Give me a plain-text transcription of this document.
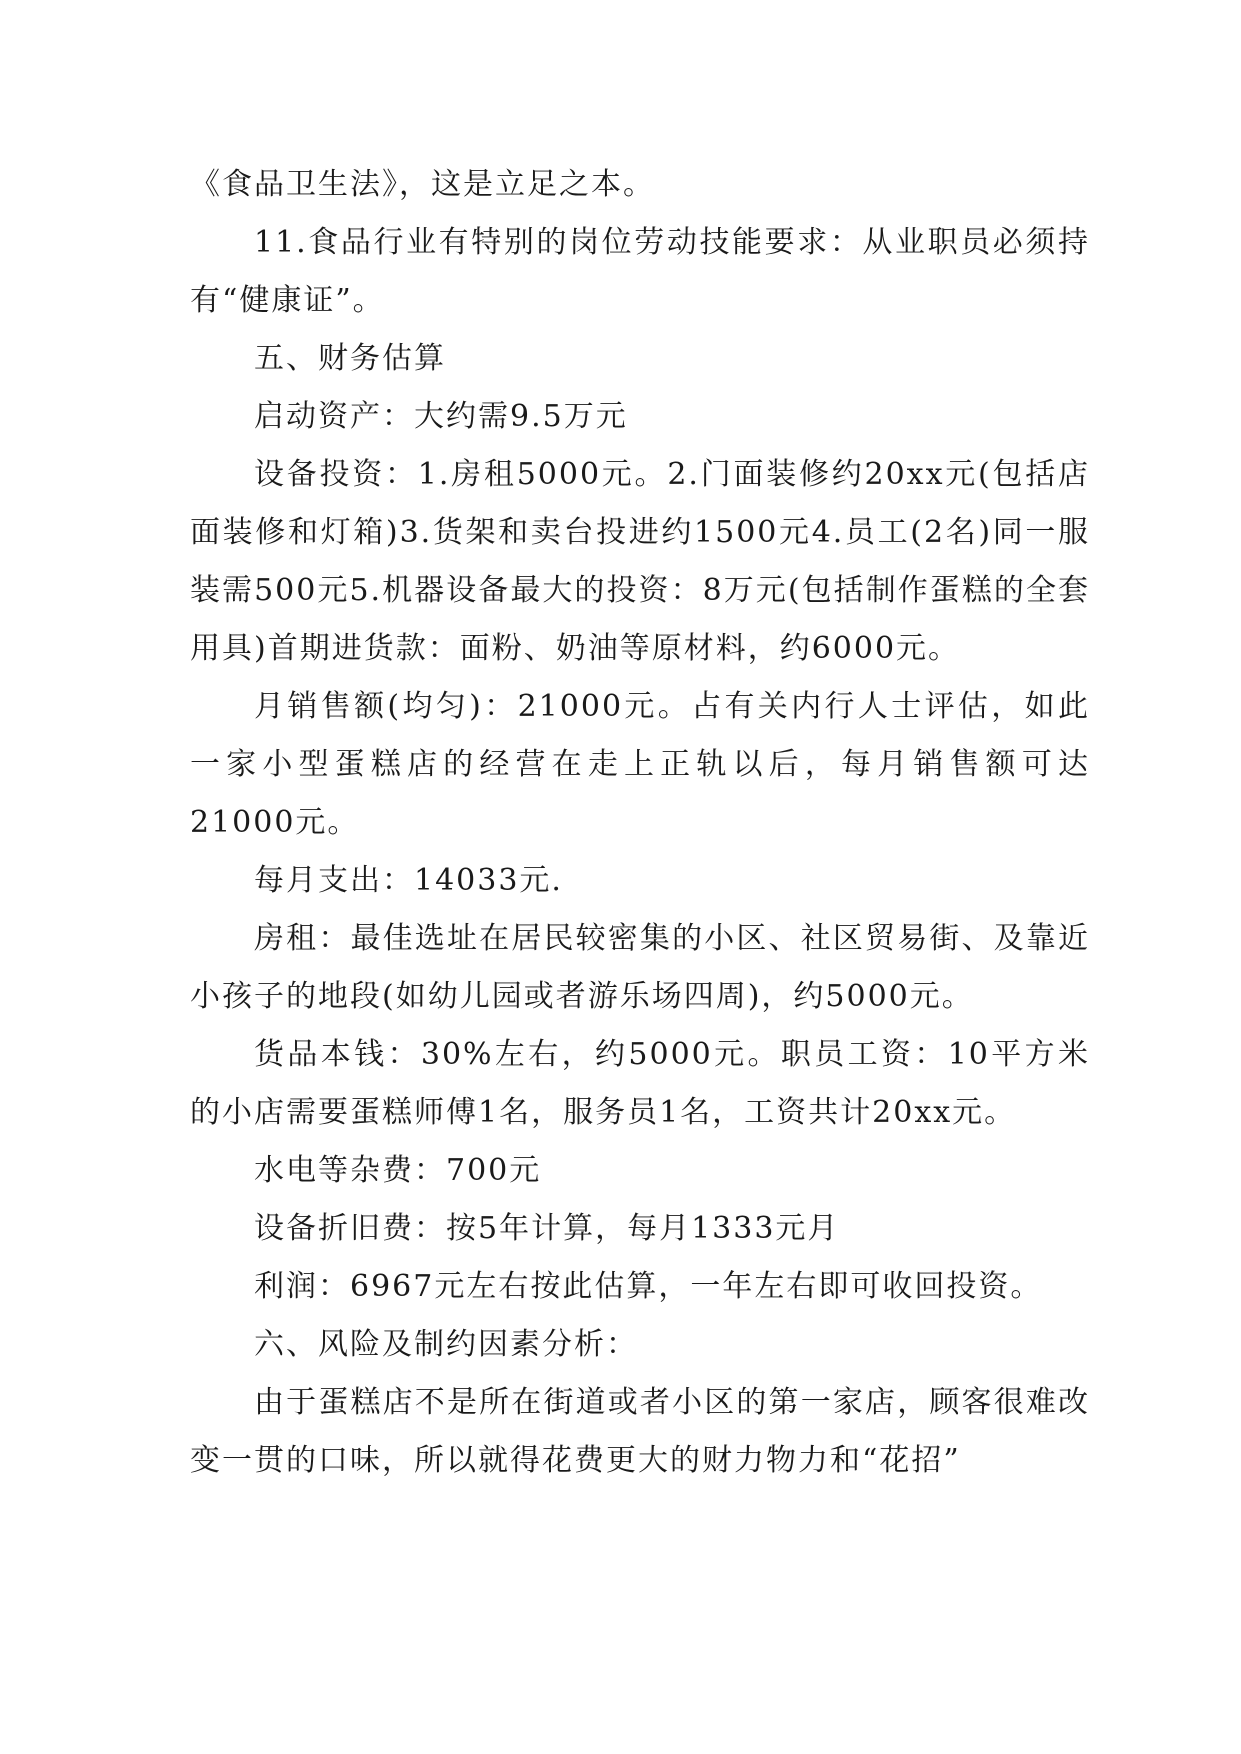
《食品卫生法》，这是立足之本。

11.食品行业有特别的岗位劳动技能要求：从业职员必须持有“健康证”。

五、财务估算

启动资产：大约需9.5万元

设备投资：1.房租5000元。2.门面装修约20xx元(包括店面装修和灯箱)3.货架和卖台投进约1500元4.员工(2名)同一服装需500元5.机器设备最大的投资：8万元(包括制作蛋糕的全套用具)首期进货款：面粉、奶油等原材料，约6000元。

月销售额(均匀)：21000元。占有关内行人士评估，如此一家小型蛋糕店的经营在走上正轨以后，每月销售额可达21000元。

每月支出：14033元.

房租：最佳选址在居民较密集的小区、社区贸易街、及靠近小孩子的地段(如幼儿园或者游乐场四周)，约5000元。

货品本钱：30%左右，约5000元。职员工资：10平方米的小店需要蛋糕师傅1名，服务员1名，工资共计20xx元。

水电等杂费：700元

设备折旧费：按5年计算，每月1333元月

利润：6967元左右按此估算，一年左右即可收回投资。

六、风险及制约因素分析：

由于蛋糕店不是所在街道或者小区的第一家店，顾客很难改变一贯的口味，所以就得花费更大的财力物力和“花招”
